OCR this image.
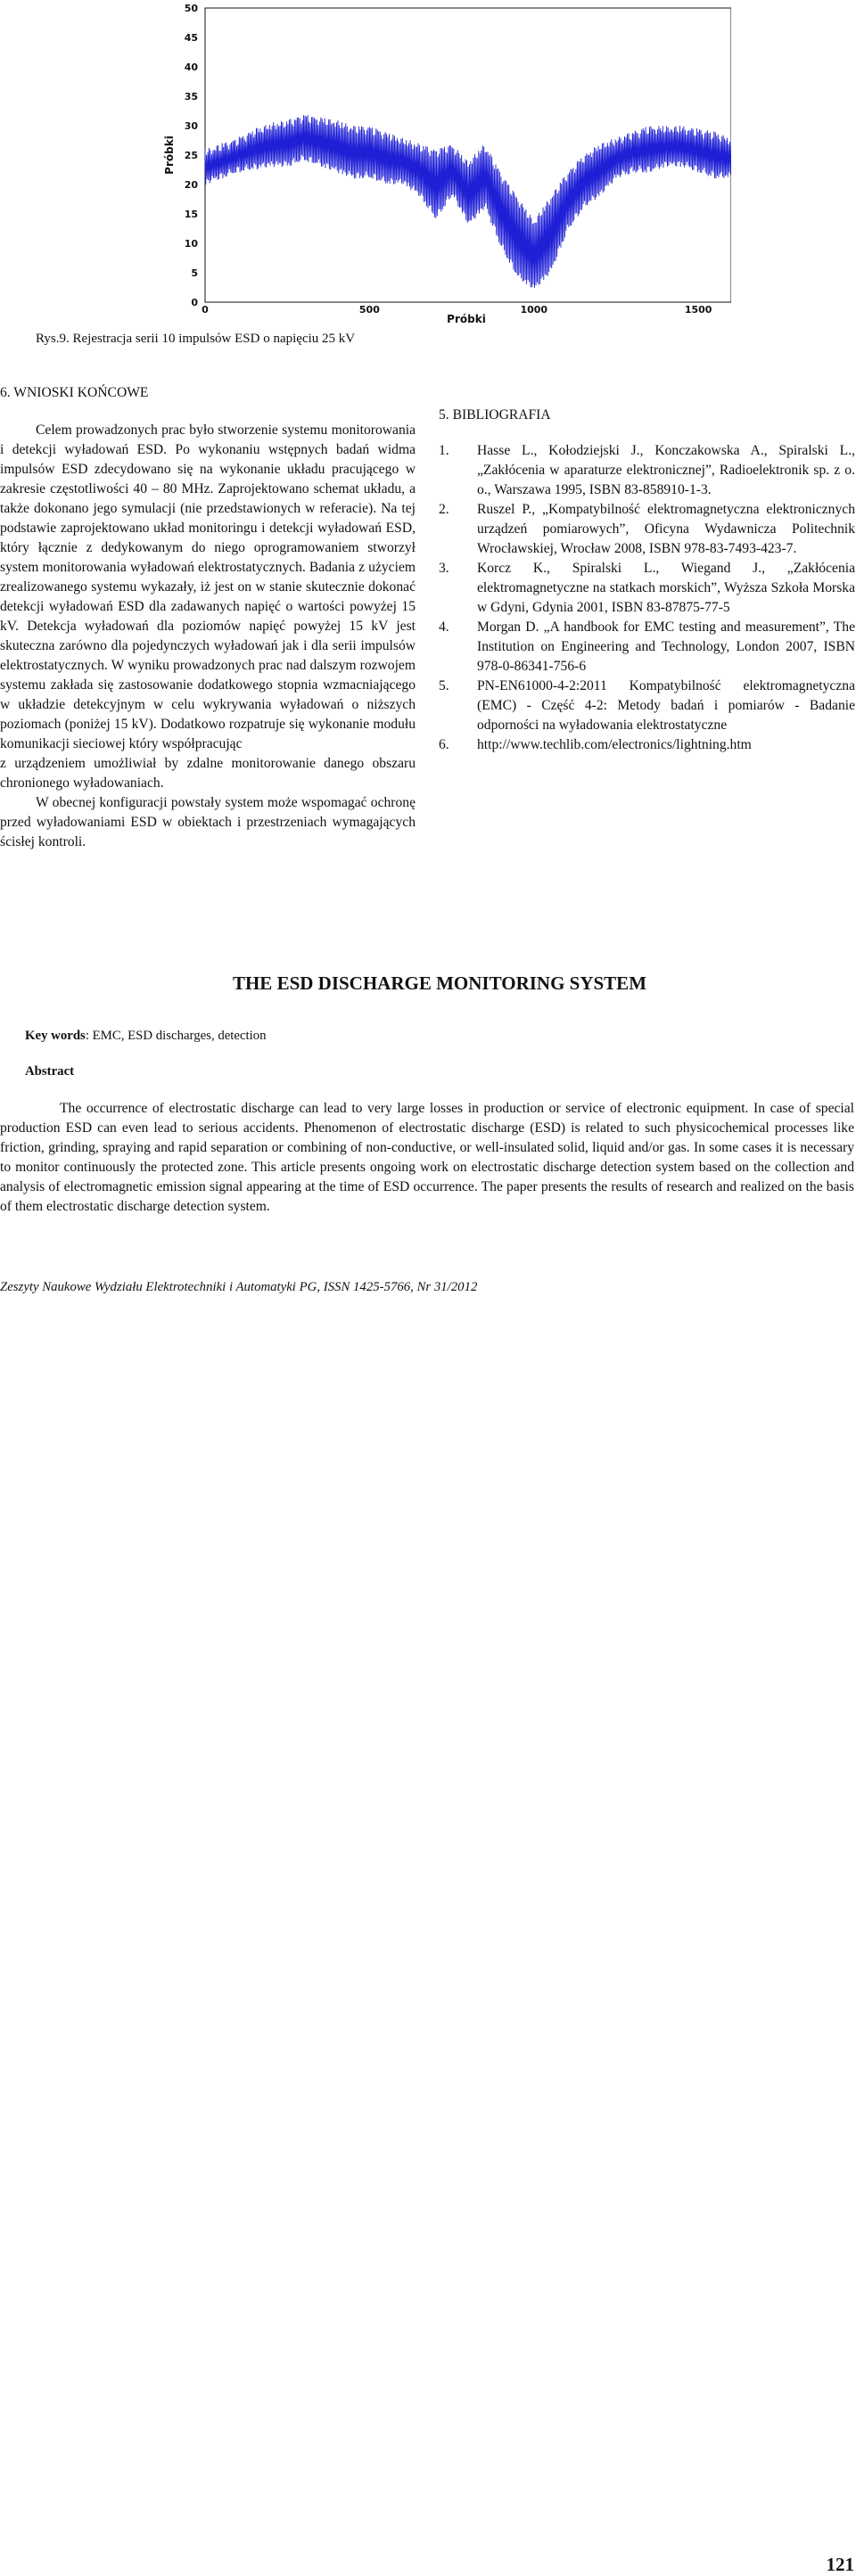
0
5
10
15
20
25
30
35
40
45
50
0	500	1000	1500
Próbki
Próbki
Rys.9. Rejestracja serii 10 impulsów ESD o napięciu 25 kV
6. WNIOSKI KOŃCOWE

Celem prowadzonych prac było stworzenie systemu monitorowania i detekcji wyładowań ESD. Po wykonaniu wstępnych badań widma impulsów ESD zdecydowano się na wykonanie układu pracującego w zakresie częstotliwości 40 – 80 MHz. Zaprojektowano schemat układu, a także dokonano jego symulacji (nie przedstawionych w referacie). Na tej podstawie zaprojektowano układ monitoringu i detekcji wyładowań ESD, który łącznie z dedykowanym do niego oprogramowaniem stworzył system monitorowania wyładowań elektrostatycznych. Badania z użyciem zrealizowanego systemu wykazały, iż jest on w stanie skutecznie dokonać detekcji wyładowań ESD dla zadawanych napięć o wartości powyżej 15 kV. Detekcja wyładowań dla poziomów napięć powyżej 15 kV jest skuteczna zarówno dla pojedynczych wyładowań jak i dla serii impulsów elektrostatycznych. W wyniku prowadzonych prac nad dalszym rozwojem systemu zakłada się zastosowanie dodatkowego stopnia wzmacniającego w układzie detekcyjnym w celu wykrywania wyładowań o niższych poziomach (poniżej 15 kV). Dodatkowo rozpatruje się wykonanie modułu komunikacji sieciowej który współpracując

z urządzeniem umożliwiał by zdalne monitorowanie danego obszaru chronionego wyładowaniach.

W obecnej konfiguracji powstały system może wspomagać ochronę przed wyładowaniami ESD w obiektach i przestrzeniach wymagających ścisłej kontroli.

5. BIBLIOGRAFIA
1.	Hasse L., Kołodziejski J., Konczakowska A., Spiralski L., „Zakłócenia w aparaturze elektronicznej”, Radioelektronik sp. z o. o., Warszawa 1995, ISBN 83-858910-1-3.
2.	Ruszel P., „Kompatybilność elektromagnetyczna elektronicznych urządzeń pomiarowych”, Oficyna Wydawnicza Politechnik Wrocławskiej, Wrocław 2008, ISBN 978-83-7493-423-7.
3.	Korcz K., Spiralski L., Wiegand J., „Zakłócenia elektromagnetyczne na statkach morskich”, Wyższa Szkoła Morska w Gdyni, Gdynia 2001, ISBN 83-87875-77-5
4.	Morgan D. „A handbook for EMC testing and measurement”, The Institution on Engineering and Technology, London 2007, ISBN 978-0-86341-756-6
5.	PN-EN61000-4-2:2011 Kompatybilność elektromagnetyczna (EMC) - Część 4-2: Metody badań i pomiarów - Badanie odporności na wyładowania elektrostatyczne
6.	http://www.techlib.com/electronics/lightning.htm
THE ESD DISCHARGE MONITORING SYSTEM
Key words: EMC, ESD discharges, detection
Abstract

The occurrence of electrostatic discharge can lead to very large losses in production or service of electronic equipment. In case of special production ESD can even lead to serious accidents. Phenomenon of electrostatic discharge (ESD) is related to such physicochemical processes like friction, grinding, spraying and rapid separation or combining of non-conductive, or well-insulated solid, liquid and/or gas. In some cases it is necessary to monitor continuously the protected zone. This article presents ongoing work on electrostatic discharge detection system based on the collection and analysis of electromagnetic emission signal appearing at the time of ESD occurrence. The paper presents the results of research and realized on the basis of them electrostatic discharge detection system.

Zeszyty Naukowe Wydziału Elektrotechniki i Automatyki PG, ISSN 1425-5766, Nr 31/2012
121
